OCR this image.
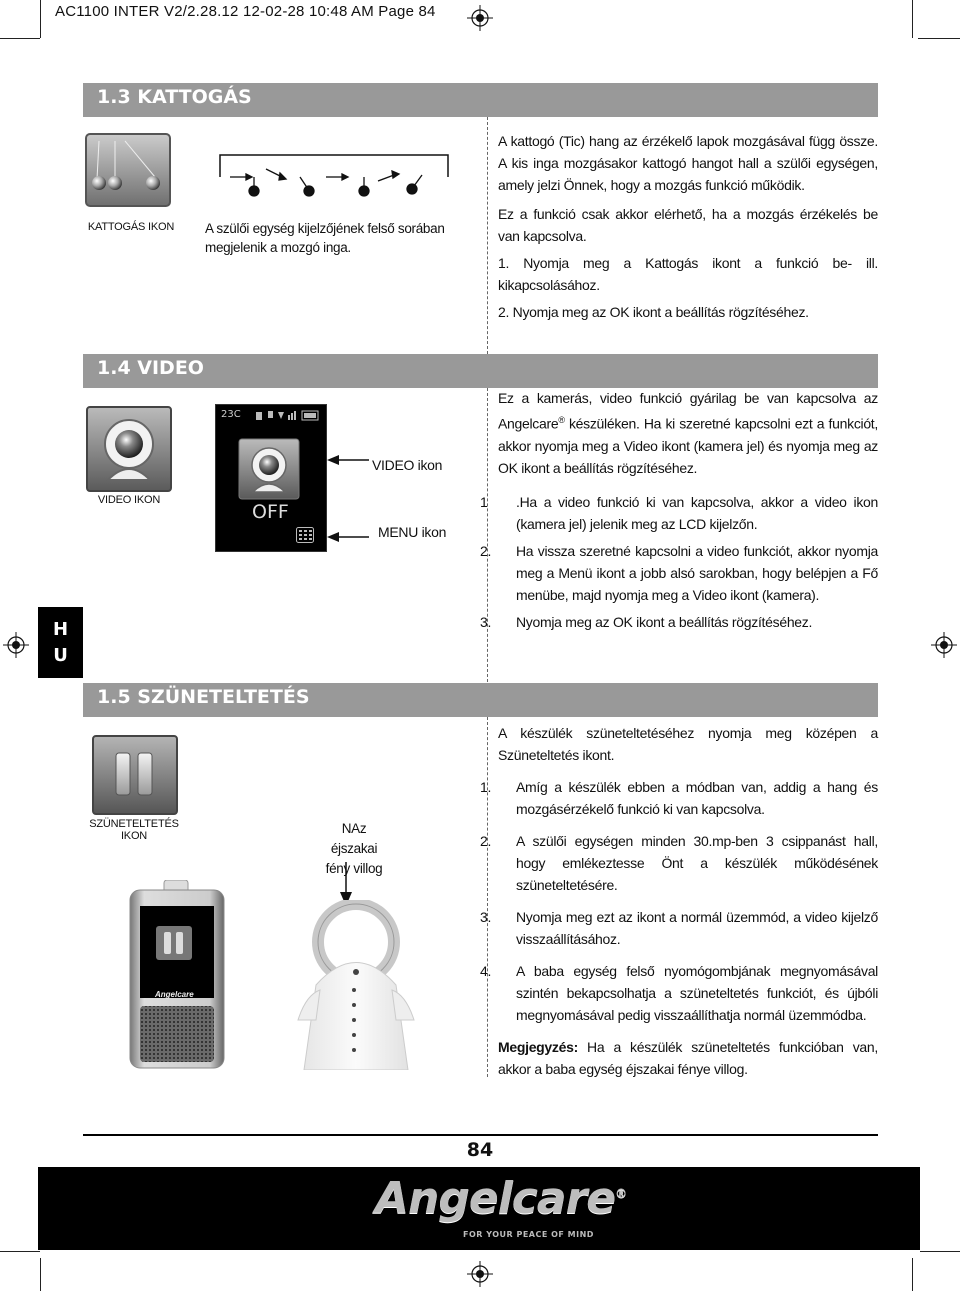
AC1100 INTER V2/2.28.12 12-02-28 10:48 AM Page 84
H
U
1.3 KATTOGÁS
KATTOGÁS IKON A szülői egység kijelzőjének felső sorában megjelenik a mozgó inga.
A kattogó (Tic) hang az érzékelő lapok mozgásával függ össze. A kis inga mozgásakor kattogó hangot hall a szülői egységen, amely jelzi Önnek, hogy a mozgás funkció működik.
Ez a funkció csak akkor elérhető, ha a mozgás érzékelés be van kapcsolva.
1. Nyomja meg a Kattogás ikont a funkció be- ill. kikapcsolásához.
2. Nyomja meg az OK ikont a beállítás rögzítéséhez.
1.4 VIDEO
VIDEO IKON
23C
OFF
VIDEO ikon
MENU ikon
Ez a kamerás, video funkció gyárilag be van kapcsolva az Angelcare® készüléken. Ha ki szeretné kapcsolni ezt a funkciót, akkor nyomja meg a Video ikont (kamera jel) és nyomja meg az OK ikont a beállítás rögzítéséhez.
1 .Ha a video funkció ki van kapcsolva, akkor a video ikon (kamera jel) jelenik meg az LCD kijelzőn.
2. Ha vissza szeretné kapcsolni a video funkciót, akkor nyomja meg a Menü ikont a jobb alsó sarokban, hogy belépjen a Fő menübe, majd nyomja meg a Video ikont (kamera).
3. Nyomja meg az OK ikont a beállítás rögzítéséhez.
1.5 SZÜNETELTETÉS
SZÜNETELTETÉS IKON	NAz éjszakai fény villog
Angelcare
A készülék szüneteltetéséhez nyomja meg középen a Szüneteltetés ikont.
1. Amíg a készülék ebben a módban van, addig a hang és mozgásérzékelő funkció ki van kapcsolva.
2. A szülői egységen minden 30.mp-ben 3 csippanást hall, hogy emlékeztesse Önt a készülék működésének szüneteltetésére.
3. Nyomja meg ezt az ikont a normál üzemmód, a video kijelző visszaállításához.
4. A baba egység felső nyomógombjának megnyomásával szintén bekapcsolhatja a szüneteltetés funkciót, és újbóli megnyomásával pedig visszaállíthatja normál üzemmódba.
Megjegyzés: Ha a készülék szüneteltetés funkcióban van, akkor a baba egység éjszakai fénye villog.
84
Angelcare®
FOR YOUR PEACE OF MIND
